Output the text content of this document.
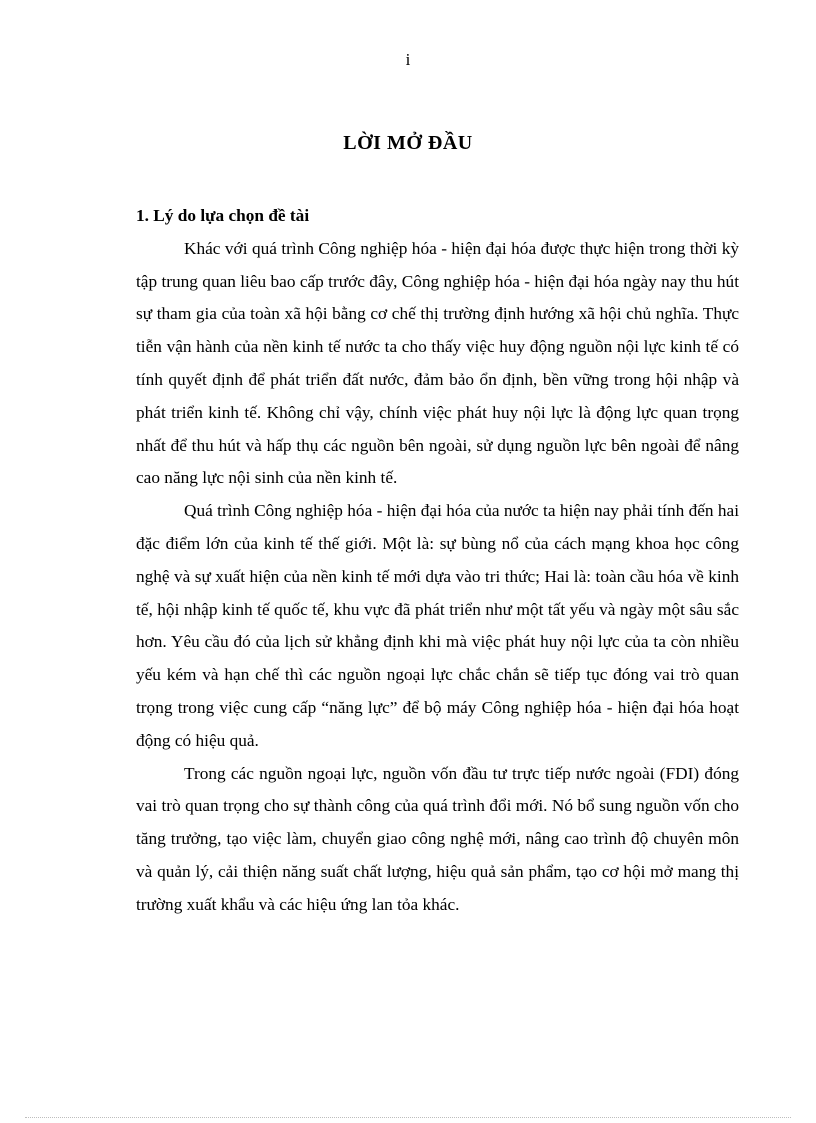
i
LỜI MỞ ĐẦU

1. Lý do lựa chọn đề tài

Khác với quá trình Công nghiệp hóa - hiện đại hóa được thực hiện trong thời kỳ tập trung quan liêu bao cấp trước đây, Công nghiệp hóa - hiện đại hóa ngày nay thu hút sự tham gia của toàn xã hội bằng cơ chế thị trường định hướng xã hội chủ nghĩa. Thực tiễn vận hành của nền kinh tế nước ta cho thấy việc huy động nguồn nội lực kinh tế có tính quyết định để phát triển đất nước, đảm bảo ổn định, bền vững trong hội nhập và phát triển kinh tế. Không chỉ vậy, chính việc phát huy nội lực là động lực quan trọng nhất để thu hút và hấp thụ các nguồn bên ngoài, sử dụng nguồn lực bên ngoài để nâng cao năng lực nội sinh của nền kinh tế.

Quá trình Công nghiệp hóa - hiện đại hóa của nước ta hiện nay phải tính đến hai đặc điểm lớn của kinh tế thế giới. Một là: sự bùng nổ của cách mạng khoa học công nghệ và sự xuất hiện của nền kinh tế mới dựa vào tri thức; Hai là: toàn cầu hóa về kinh tế, hội nhập kinh tế quốc tế, khu vực đã phát triển như một tất yếu và ngày một sâu sắc hơn. Yêu cầu đó của lịch sử khẳng định khi mà việc phát huy nội lực của ta còn nhiều yếu kém và hạn chế thì các nguồn ngoại lực chắc chắn sẽ tiếp tục đóng vai trò quan trọng trong việc cung cấp “năng lực” để bộ máy Công nghiệp hóa - hiện đại hóa hoạt động có hiệu quả.

Trong các nguồn ngoại lực, nguồn vốn đầu tư trực tiếp nước ngoài (FDI) đóng vai trò quan trọng cho sự thành công của quá trình đổi mới. Nó bổ sung nguồn vốn cho tăng trưởng, tạo việc làm, chuyển giao công nghệ mới, nâng cao trình độ chuyên môn và quản lý, cải thiện năng suất chất lượng, hiệu quả sản phẩm, tạo cơ hội mở mang thị trường xuất khẩu và các hiệu ứng lan tỏa khác.
